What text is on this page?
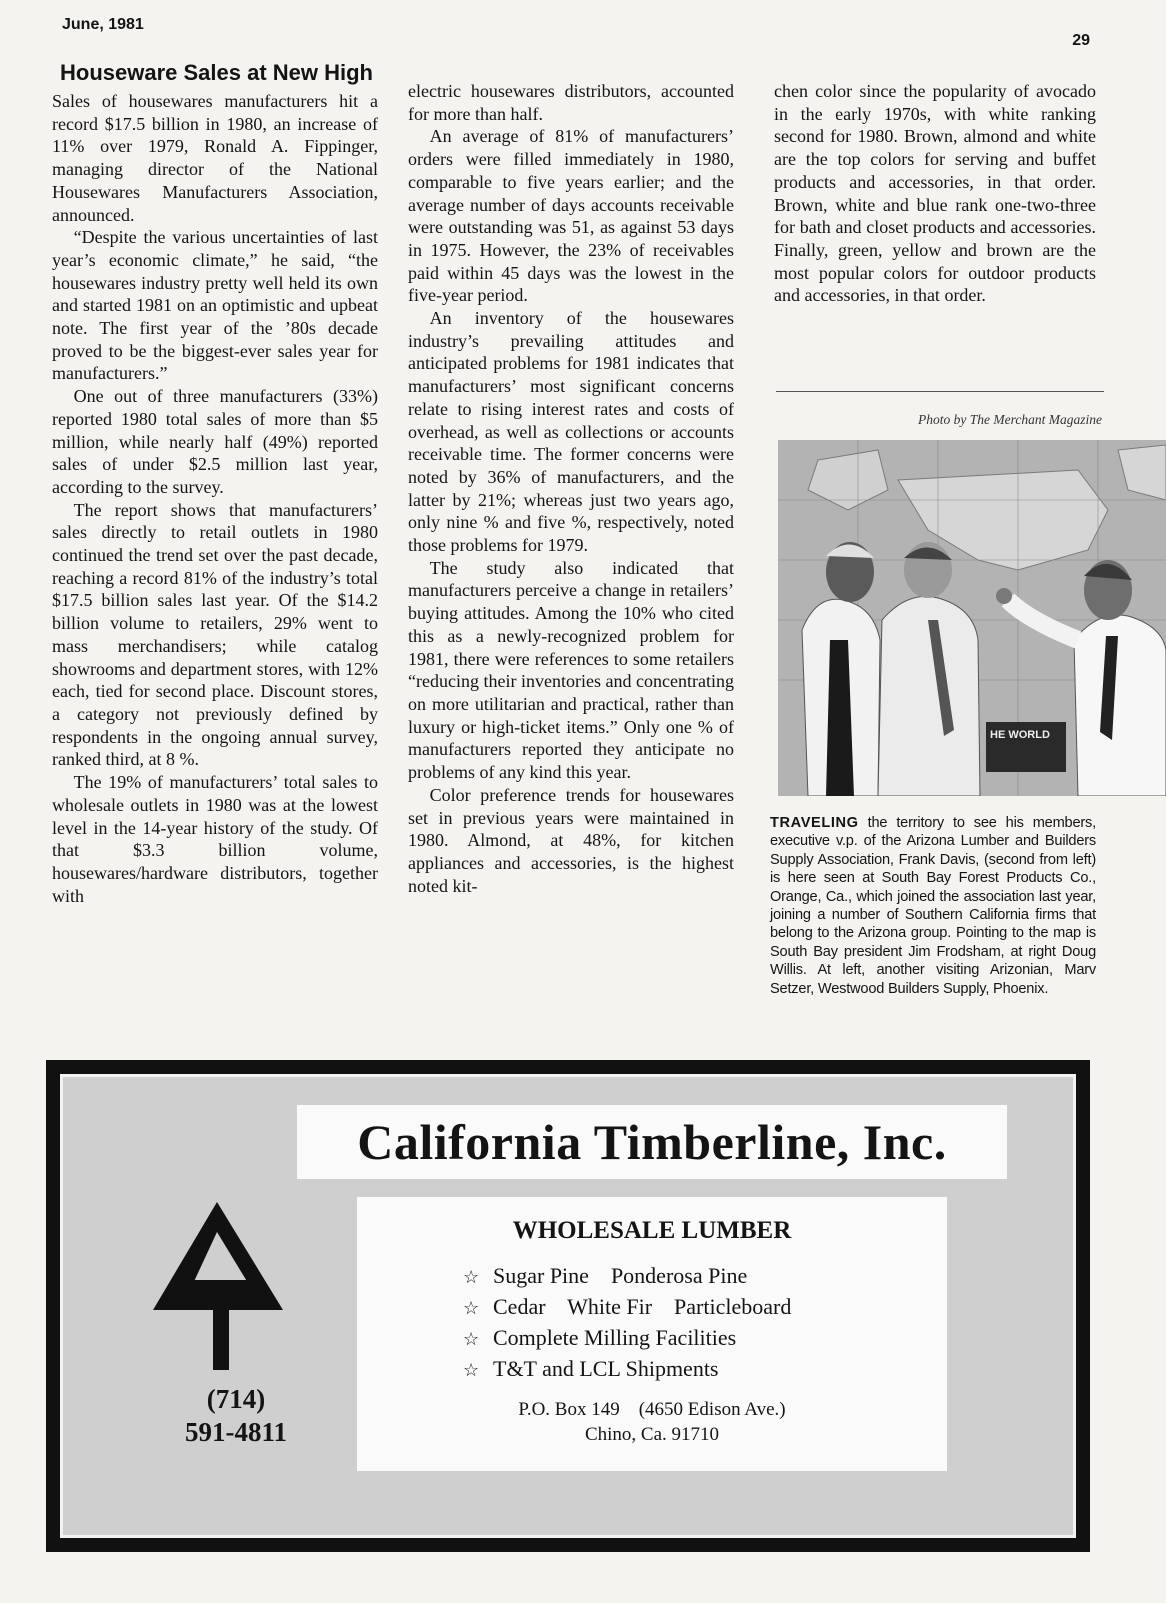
June, 1981
29
Houseware Sales at New High

Sales of housewares manufacturers hit a record $17.5 billion in 1980, an increase of 11% over 1979, Ronald A. Fippinger, managing director of the National Housewares Manufacturers Association, announced.

“Despite the various uncertainties of last year’s economic climate,” he said, “the housewares industry pretty well held its own and started 1981 on an optimistic and upbeat note. The first year of the ’80s decade proved to be the biggest-ever sales year for manufacturers.”

One out of three manufacturers (33%) reported 1980 total sales of more than $5 million, while nearly half (49%) reported sales of under $2.5 million last year, according to the survey.

The report shows that manufacturers’ sales directly to retail outlets in 1980 continued the trend set over the past decade, reaching a record 81% of the industry’s total $17.5 billion sales last year. Of the $14.2 billion volume to retailers, 29% went to mass merchandisers; while catalog showrooms and department stores, with 12% each, tied for second place. Discount stores, a category not previously defined by respondents in the ongoing annual survey, ranked third, at 8 %.

The 19% of manufacturers’ total sales to wholesale outlets in 1980 was at the lowest level in the 14-year history of the study. Of that $3.3 billion volume, housewares/hardware distributors, together with

electric housewares distributors, accounted for more than half.

An average of 81% of manufacturers’ orders were filled immediately in 1980, comparable to five years earlier; and the average number of days accounts receivable were outstanding was 51, as against 53 days in 1975. However, the 23% of receivables paid within 45 days was the lowest in the five-year period.

An inventory of the housewares industry’s prevailing attitudes and anticipated problems for 1981 indicates that manufacturers’ most significant concerns relate to rising interest rates and costs of overhead, as well as collections or accounts receivable time. The former concerns were noted by 36% of manufacturers, and the latter by 21%; whereas just two years ago, only nine % and five %, respectively, noted those problems for 1979.

The study also indicated that manufacturers perceive a change in retailers’ buying attitudes. Among the 10% who cited this as a newly-recognized problem for 1981, there were references to some retailers “reducing their inventories and concentrating on more utilitarian and practical, rather than luxury or high-ticket items.” Only one % of manufacturers reported they anticipate no problems of any kind this year.

Color preference trends for housewares set in previous years were maintained in 1980. Almond, at 48%, for kitchen appliances and accessories, is the highest noted kit-

chen color since the popularity of avocado in the early 1970s, with white ranking second for 1980. Brown, almond and white are the top colors for serving and buffet products and accessories, in that order. Brown, white and blue rank one-two-three for bath and closet products and accessories. Finally, green, yellow and brown are the most popular colors for outdoor products and accessories, in that order.

Photo by The Merchant Magazine
HE WORLD
TRAVELING the territory to see his members, executive v.p. of the Arizona Lumber and Builders Supply Association, Frank Davis, (second from left) is here seen at South Bay Forest Products Co., Orange, Ca., which joined the association last year, joining a number of Southern California firms that belong to the Arizona group. Pointing to the map is South Bay president Jim Frodsham, at right Doug Willis. At left, another visiting Arizonian, Marv Setzer, Westwood Builders Supply, Phoenix.
California Timberline, Inc.
(714)
591-4811
WHOLESALE LUMBER
☆ Sugar Pine    Ponderosa Pine
☆ Cedar    White Fir    Particleboard
☆ Complete Milling Facilities
☆ T&T and LCL Shipments
P.O. Box 149    (4650 Edison Ave.)
Chino, Ca. 91710
